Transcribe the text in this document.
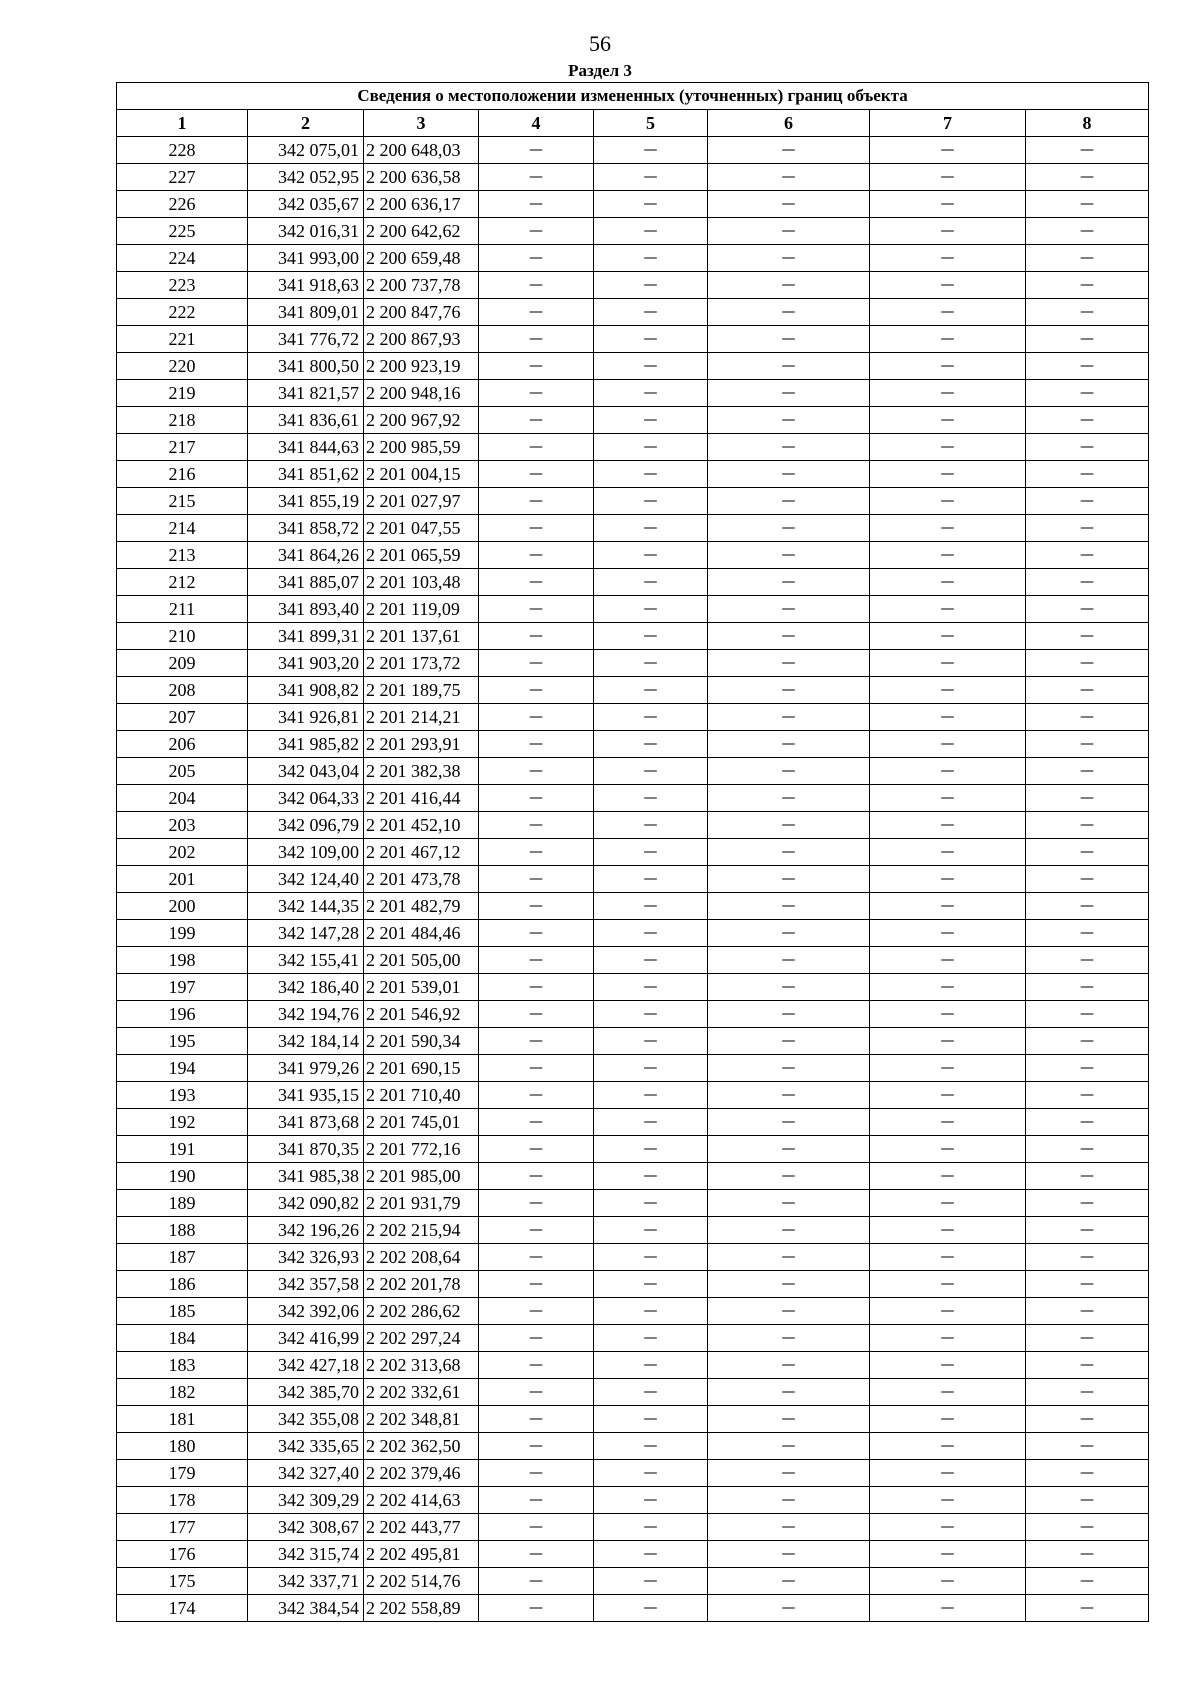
56
Раздел 3
Сведения о местоположении измененных (уточненных) границ объекта							
1	2	3	4	5	6	7	8
228	342 075,01	2 200 648,03	—	—	—	—	—
227	342 052,95	2 200 636,58	—	—	—	—	—
226	342 035,67	2 200 636,17	—	—	—	—	—
225	342 016,31	2 200 642,62	—	—	—	—	—
224	341 993,00	2 200 659,48	—	—	—	—	—
223	341 918,63	2 200 737,78	—	—	—	—	—
222	341 809,01	2 200 847,76	—	—	—	—	—
221	341 776,72	2 200 867,93	—	—	—	—	—
220	341 800,50	2 200 923,19	—	—	—	—	—
219	341 821,57	2 200 948,16	—	—	—	—	—
218	341 836,61	2 200 967,92	—	—	—	—	—
217	341 844,63	2 200 985,59	—	—	—	—	—
216	341 851,62	2 201 004,15	—	—	—	—	—
215	341 855,19	2 201 027,97	—	—	—	—	—
214	341 858,72	2 201 047,55	—	—	—	—	—
213	341 864,26	2 201 065,59	—	—	—	—	—
212	341 885,07	2 201 103,48	—	—	—	—	—
211	341 893,40	2 201 119,09	—	—	—	—	—
210	341 899,31	2 201 137,61	—	—	—	—	—
209	341 903,20	2 201 173,72	—	—	—	—	—
208	341 908,82	2 201 189,75	—	—	—	—	—
207	341 926,81	2 201 214,21	—	—	—	—	—
206	341 985,82	2 201 293,91	—	—	—	—	—
205	342 043,04	2 201 382,38	—	—	—	—	—
204	342 064,33	2 201 416,44	—	—	—	—	—
203	342 096,79	2 201 452,10	—	—	—	—	—
202	342 109,00	2 201 467,12	—	—	—	—	—
201	342 124,40	2 201 473,78	—	—	—	—	—
200	342 144,35	2 201 482,79	—	—	—	—	—
199	342 147,28	2 201 484,46	—	—	—	—	—
198	342 155,41	2 201 505,00	—	—	—	—	—
197	342 186,40	2 201 539,01	—	—	—	—	—
196	342 194,76	2 201 546,92	—	—	—	—	—
195	342 184,14	2 201 590,34	—	—	—	—	—
194	341 979,26	2 201 690,15	—	—	—	—	—
193	341 935,15	2 201 710,40	—	—	—	—	—
192	341 873,68	2 201 745,01	—	—	—	—	—
191	341 870,35	2 201 772,16	—	—	—	—	—
190	341 985,38	2 201 985,00	—	—	—	—	—
189	342 090,82	2 201 931,79	—	—	—	—	—
188	342 196,26	2 202 215,94	—	—	—	—	—
187	342 326,93	2 202 208,64	—	—	—	—	—
186	342 357,58	2 202 201,78	—	—	—	—	—
185	342 392,06	2 202 286,62	—	—	—	—	—
184	342 416,99	2 202 297,24	—	—	—	—	—
183	342 427,18	2 202 313,68	—	—	—	—	—
182	342 385,70	2 202 332,61	—	—	—	—	—
181	342 355,08	2 202 348,81	—	—	—	—	—
180	342 335,65	2 202 362,50	—	—	—	—	—
179	342 327,40	2 202 379,46	—	—	—	—	—
178	342 309,29	2 202 414,63	—	—	—	—	—
177	342 308,67	2 202 443,77	—	—	—	—	—
176	342 315,74	2 202 495,81	—	—	—	—	—
175	342 337,71	2 202 514,76	—	—	—	—	—
174	342 384,54	2 202 558,89	—	—	—	—	—
